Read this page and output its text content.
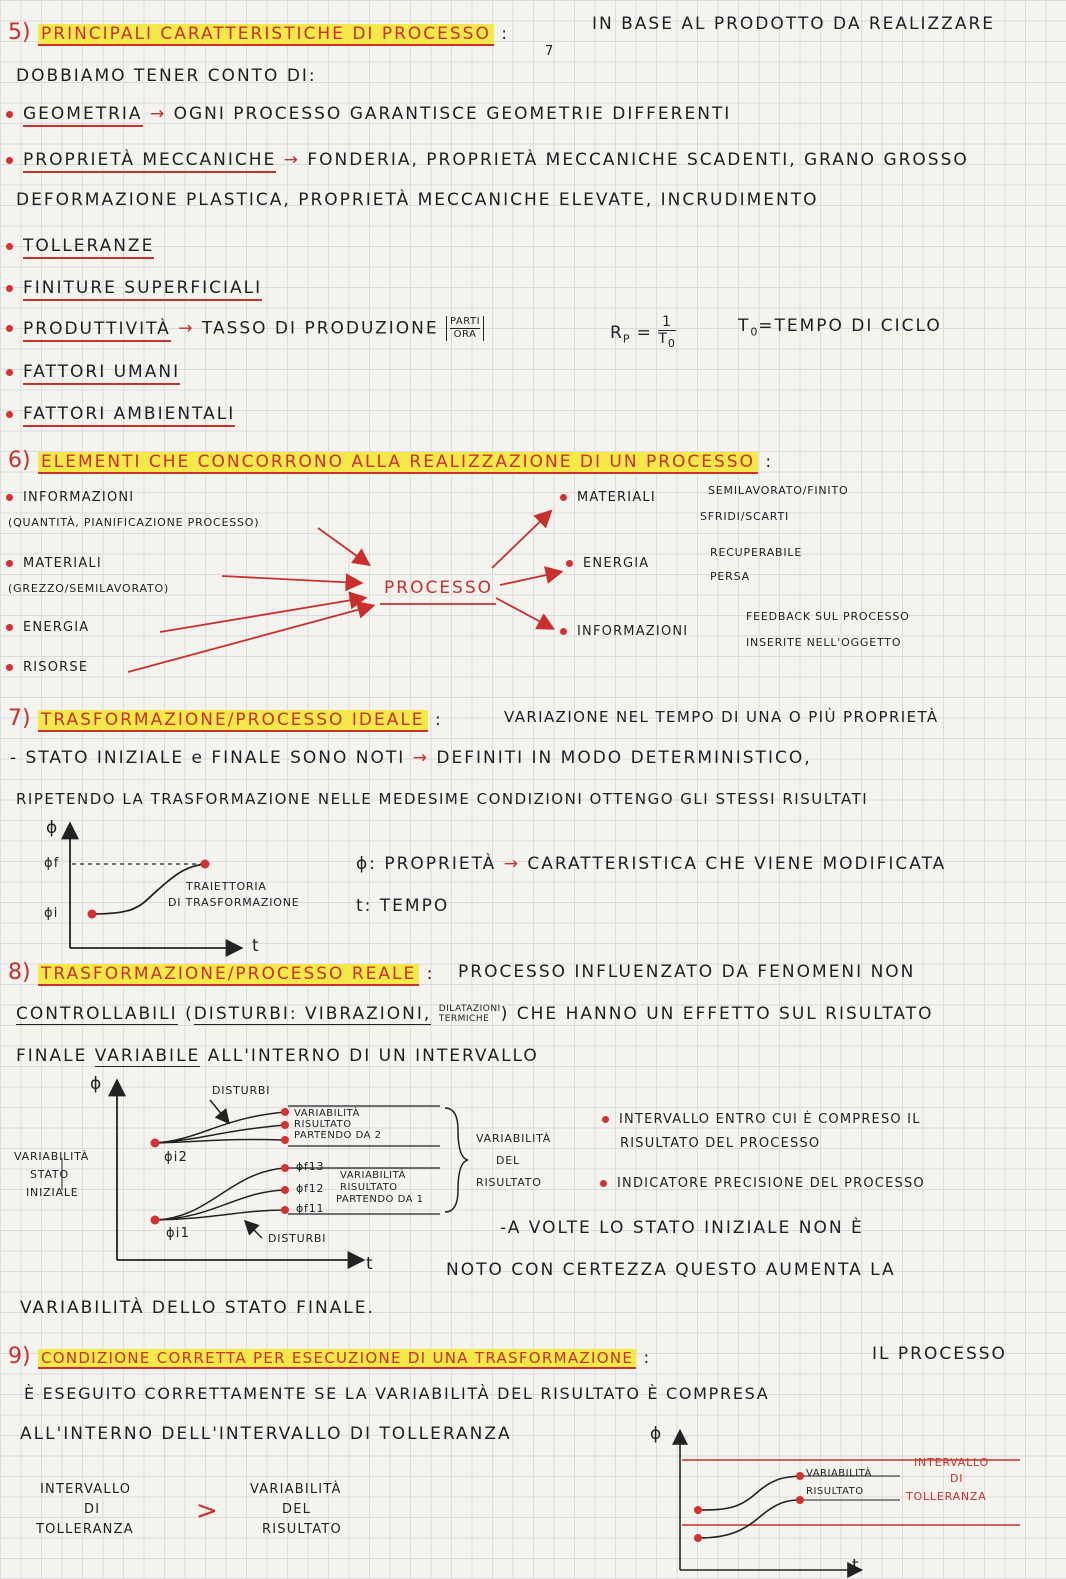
5) PRINCIPALI CARATTERISTICHE DI PROCESSO :	IN BASE AL PRODOTTO DA REALIZZARE
7
DOBBIAMO TENER CONTO DI:
GEOMETRIA → OGNI PROCESSO GARANTISCE GEOMETRIE DIFFERENTI
PROPRIETÀ MECCANICHE → FONDERIA, PROPRIETÀ MECCANICHE SCADENTI, GRANO GROSSO
DEFORMAZIONE PLASTICA, PROPRIETÀ MECCANICHE ELEVATE, INCRUDIMENTO
TOLLERANZE
FINITURE SUPERFICIALI
PRODUTTIVITÀ → TASSO DI PRODUZIONE PARTI
ORA	$R_P$ =
1
$T_0$
$T_0=TEMPO$ DI CICLO
FATTORI UMANI
FATTORI AMBIENTALI
6) ELEMENTI CHE CONCORRONO ALLA REALIZZAZIONE DI UN PROCESSO :
INFORMAZIONI
(QUANTITÀ, PIANIFICAZIONE PROCESSO)
MATERIALI
(GREZZO/SEMILAVORATO)
ENERGIA
RISORSE
PROCESSO
MATERIALI	SEMILAVORATO/FINITO
SFRIDI/SCARTI
ENERGIA
RECUPERABILE
PERSA
INFORMAZIONI
FEEDBACK SUL PROCESSO
INSERITE NELL'OGGETTO
7) TRASFORMAZIONE/PROCESSO IDEALE :	VARIAZIONE NEL TEMPO DI UNA O PIÙ PROPRIETÀ
- STATO INIZIALE e FINALE SONO NOTI → DEFINITI IN MODO DETERMINISTICO,
RIPETENDO LA TRASFORMAZIONE NELLE MEDESIME CONDIZIONI OTTENGO GLI STESSI RISULTATI
ϕ
t
ϕf
ϕi
TRAIETTORIA
DI TRASFORMAZIONE
ϕ: PROPRIETÀ → CARATTERISTICA CHE VIENE MODIFICATA
t: TEMPO
8) TRASFORMAZIONE/PROCESSO REALE : PROCESSO INFLUENZATO DA FENOMENI NON
CONTROLLABILI (DISTURBI: VIBRAZIONI, DILATAZIONI
TERMICHE ) CHE HANNO UN EFFETTO SUL RISULTATO
FINALE VARIABILE ALL'INTERNO DI UN INTERVALLO
ϕ
t
DISTURBI
DISTURBI
VARIABILITÀ
RISULTATO
PARTENDO DA 2
VARIABILITÀ
RISULTATO
PARTENDO DA 1
ϕi2
ϕi1
ϕf13
ϕf12
ϕf11
VARIABILITÀ
STATO
INIZIALE
VARIABILITÀ
DEL
RISULTATO
INTERVALLO ENTRO CUI È COMPRESO IL
RISULTATO DEL PROCESSO
INDICATORE PRECISIONE DEL PROCESSO
-A VOLTE LO STATO INIZIALE NON È
NOTO CON CERTEZZA QUESTO AUMENTA LA
VARIABILITÀ DELLO STATO FINALE.
9) CONDIZIONE CORRETTA PER ESECUZIONE DI UNA TRASFORMAZIONE :	IL PROCESSO
È ESEGUITO CORRETTAMENTE SE LA VARIABILITÀ DEL RISULTATO È COMPRESA
ALL'INTERNO DELL'INTERVALLO DI TOLLERANZA
INTERVALLO
DI
TOLLERANZA
>
VARIABILITÀ
DEL
RISULTATO
ϕ
t
VARIABILITÀ
RISULTATO
INTERVALLO
DI
TOLLERANZA
